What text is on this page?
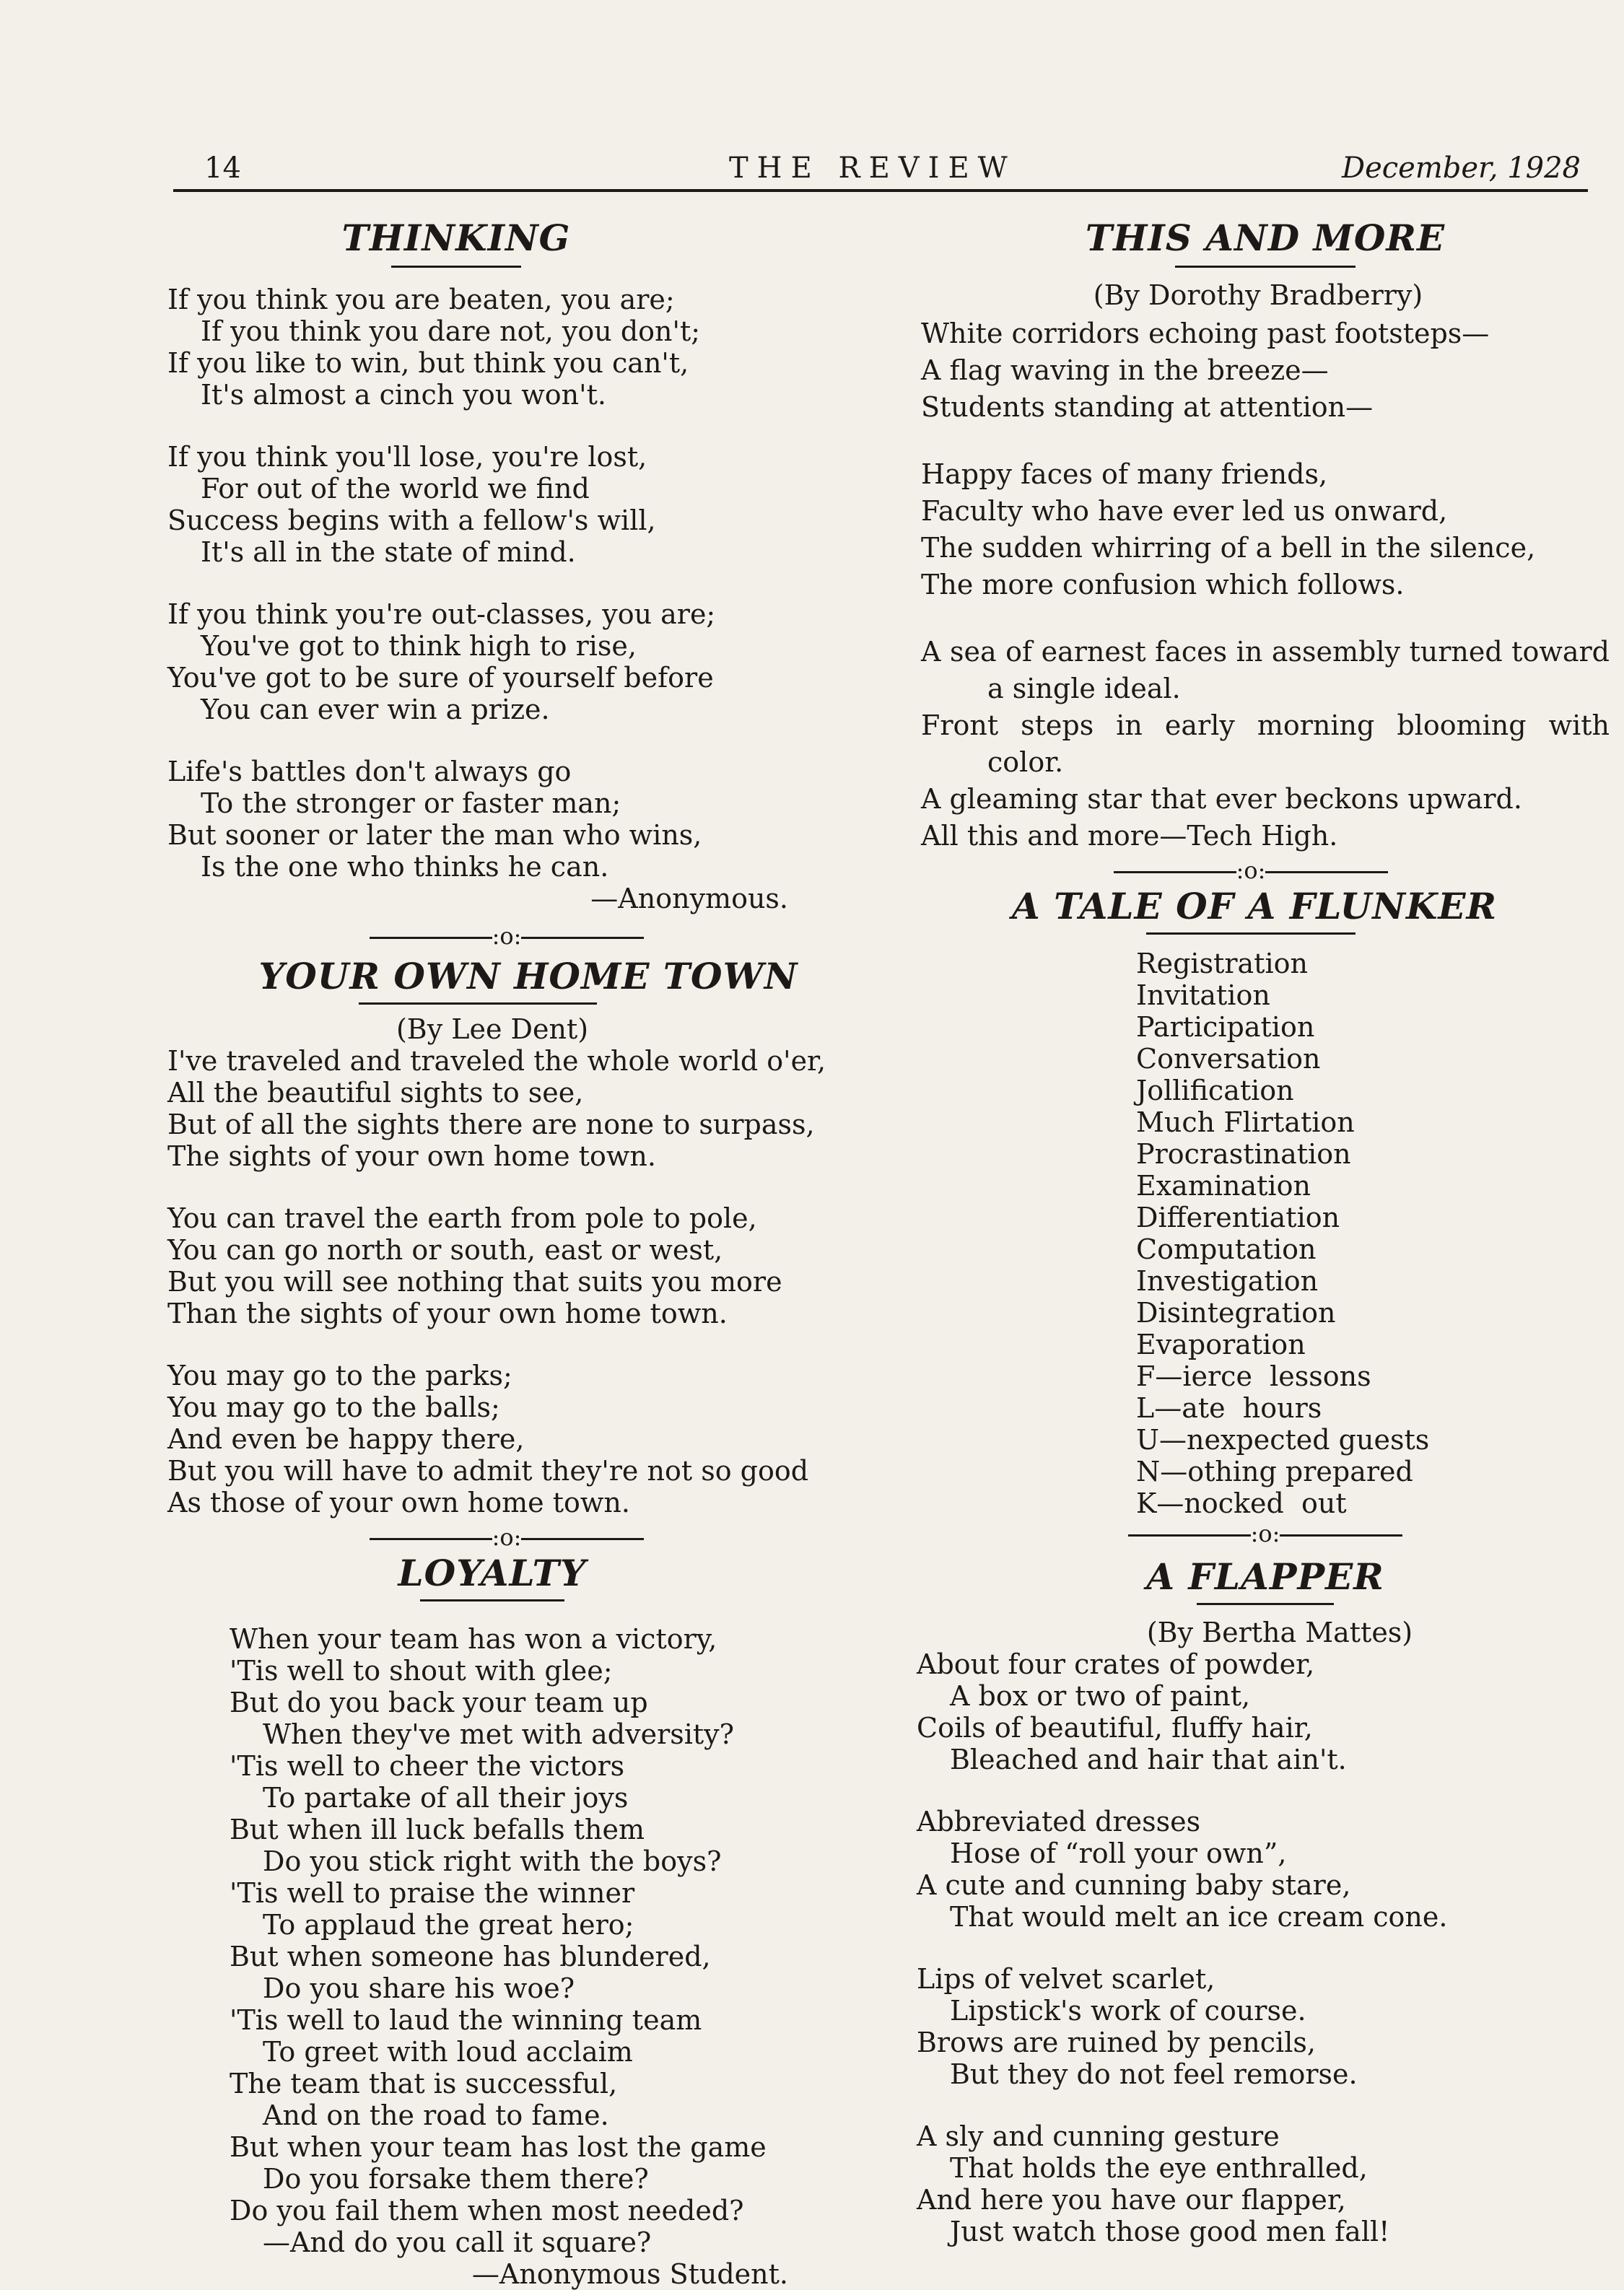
14	THE REVIEW	December, 1928
THINKING
If you think you are beaten, you are;
If you think you dare not, you don't;
If you like to win, but think you can't,
It's almost a cinch you won't.
If you think you'll lose, you're lost,
For out of the world we find
Success begins with a fellow's will,
It's all in the state of mind.
If you think you're out-classes, you are;
You've got to think high to rise,
You've got to be sure of yourself before
You can ever win a prize.
Life's battles don't always go
To the stronger or faster man;
But sooner or later the man who wins,
Is the one who thinks he can.
—Anonymous.
:o:
YOUR OWN HOME TOWN
(By Lee Dent)
I've traveled and traveled the whole world o'er,
All the beautiful sights to see,
But of all the sights there are none to surpass,
The sights of your own home town.
You can travel the earth from pole to pole,
You can go north or south, east or west,
But you will see nothing that suits you more
Than the sights of your own home town.
You may go to the parks;
You may go to the balls;
And even be happy there,
But you will have to admit they're not so good
As those of your own home town.
:o:
LOYALTY
When your team has won a victory,
'Tis well to shout with glee;
But do you back your team up
When they've met with adversity?
'Tis well to cheer the victors
To partake of all their joys
But when ill luck befalls them
Do you stick right with the boys?
'Tis well to praise the winner
To applaud the great hero;
But when someone has blundered,
Do you share his woe?
'Tis well to laud the winning team
To greet with loud acclaim
The team that is successful,
And on the road to fame.
But when your team has lost the game
Do you forsake them there?
Do you fail them when most needed?
—And do you call it square?
—Anonymous Student.
THIS AND MORE
(By Dorothy Bradberry)
White corridors echoing past footsteps—
A flag waving in the breeze—
Students standing at attention—
Happy faces of many friends,
Faculty who have ever led us onward,
The sudden whirring of a bell in the silence,
The more confusion which follows.
A sea of earnest faces in assembly turned toward a single ideal.
Front steps in early morning blooming with color.
A gleaming star that ever beckons upward.
All this and more—Tech High.
:o:
A TALE OF A FLUNKER
Registration
Invitation
Participation
Conversation
Jollification
Much Flirtation
Procrastination
Examination
Differentiation
Computation
Investigation
Disintegration
Evaporation
F—ierce  lessons
L—ate  hours
U—nexpected guests
N—othing prepared
K—nocked  out
:o:
A FLAPPER
(By Bertha Mattes)
About four crates of powder,
A box or two of paint,
Coils of beautiful, fluffy hair,
Bleached and hair that ain't.
Abbreviated dresses
Hose of “roll your own”,
A cute and cunning baby stare,
That would melt an ice cream cone.
Lips of velvet scarlet,
Lipstick's work of course.
Brows are ruined by pencils,
But they do not feel remorse.
A sly and cunning gesture
That holds the eye enthralled,
And here you have our flapper,
Just watch those good men fall!
